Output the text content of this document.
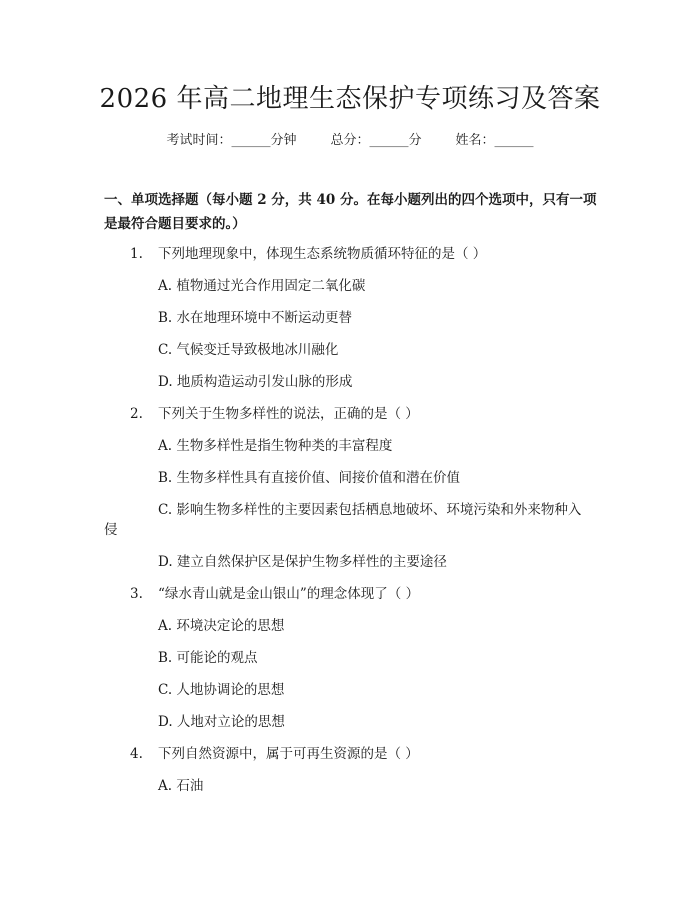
2026 年高二地理生态保护专项练习及答案
考试时间：______分钟	总分：______分	姓名：______
一、单项选择题（每小题 2 分，共 40 分。在每小题列出的四个选项中，只有一项是最符合题目要求的。）
1. 下列地理现象中，体现生态系统物质循环特征的是（ ）
A. 植物通过光合作用固定二氧化碳
B. 水在地理环境中不断运动更替
C. 气候变迁导致极地冰川融化
D. 地质构造运动引发山脉的形成
2. 下列关于生物多样性的说法，正确的是（ ）
A. 生物多样性是指生物种类的丰富程度
B. 生物多样性具有直接价值、间接价值和潜在价值
C. 影响生物多样性的主要因素包括栖息地破坏、环境污染和外来物种入
侵
D. 建立自然保护区是保护生物多样性的主要途径
3. “绿水青山就是金山银山”的理念体现了（ ）
A. 环境决定论的思想
B. 可能论的观点
C. 人地协调论的思想
D. 人地对立论的思想
4. 下列自然资源中，属于可再生资源的是（ ）
A. 石油
